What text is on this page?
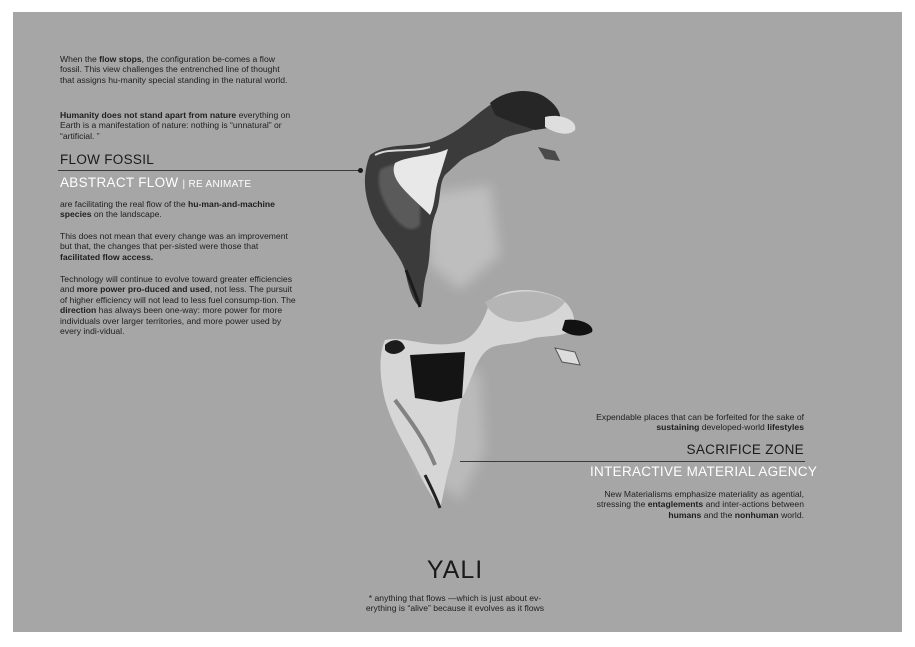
When the flow stops, the configuration be-comes a flow fossil. This view challenges the entrenched line of thought that assigns hu-manity special standing in the natural world.
Humanity does not stand apart from nature everything on Earth is a manifestation of nature: nothing is “unnatural” or “artificial. ”
FLOW FOSSIL
ABSTRACT FLOW | RE ANIMATE
are facilitating the real flow of the hu-man-and-machine species on the landscape.
This does not mean that every change was an improvement but that, the changes that per-sisted were those that facilitated flow access.
Technology will continue to evolve toward greater efficiencies and more power pro-duced and used, not less. The pursuit of higher efficiency will not lead to less fuel consump-tion. The direction has always been one-way: more power for more individuals over larger territories, and more power used by every indi-vidual.
Expendable places that can be forfeited for the sake of sustaining developed-world lifestyles
SACRIFICE ZONE
INTERACTIVE MATERIAL AGENCY
New Materialisms emphasize materiality as agential, stressing the entaglements and inter-actions between humans and the nonhuman world.
YALI
* anything that flows —which is just about ev-
erything is “alive” because it evolves as it flows
